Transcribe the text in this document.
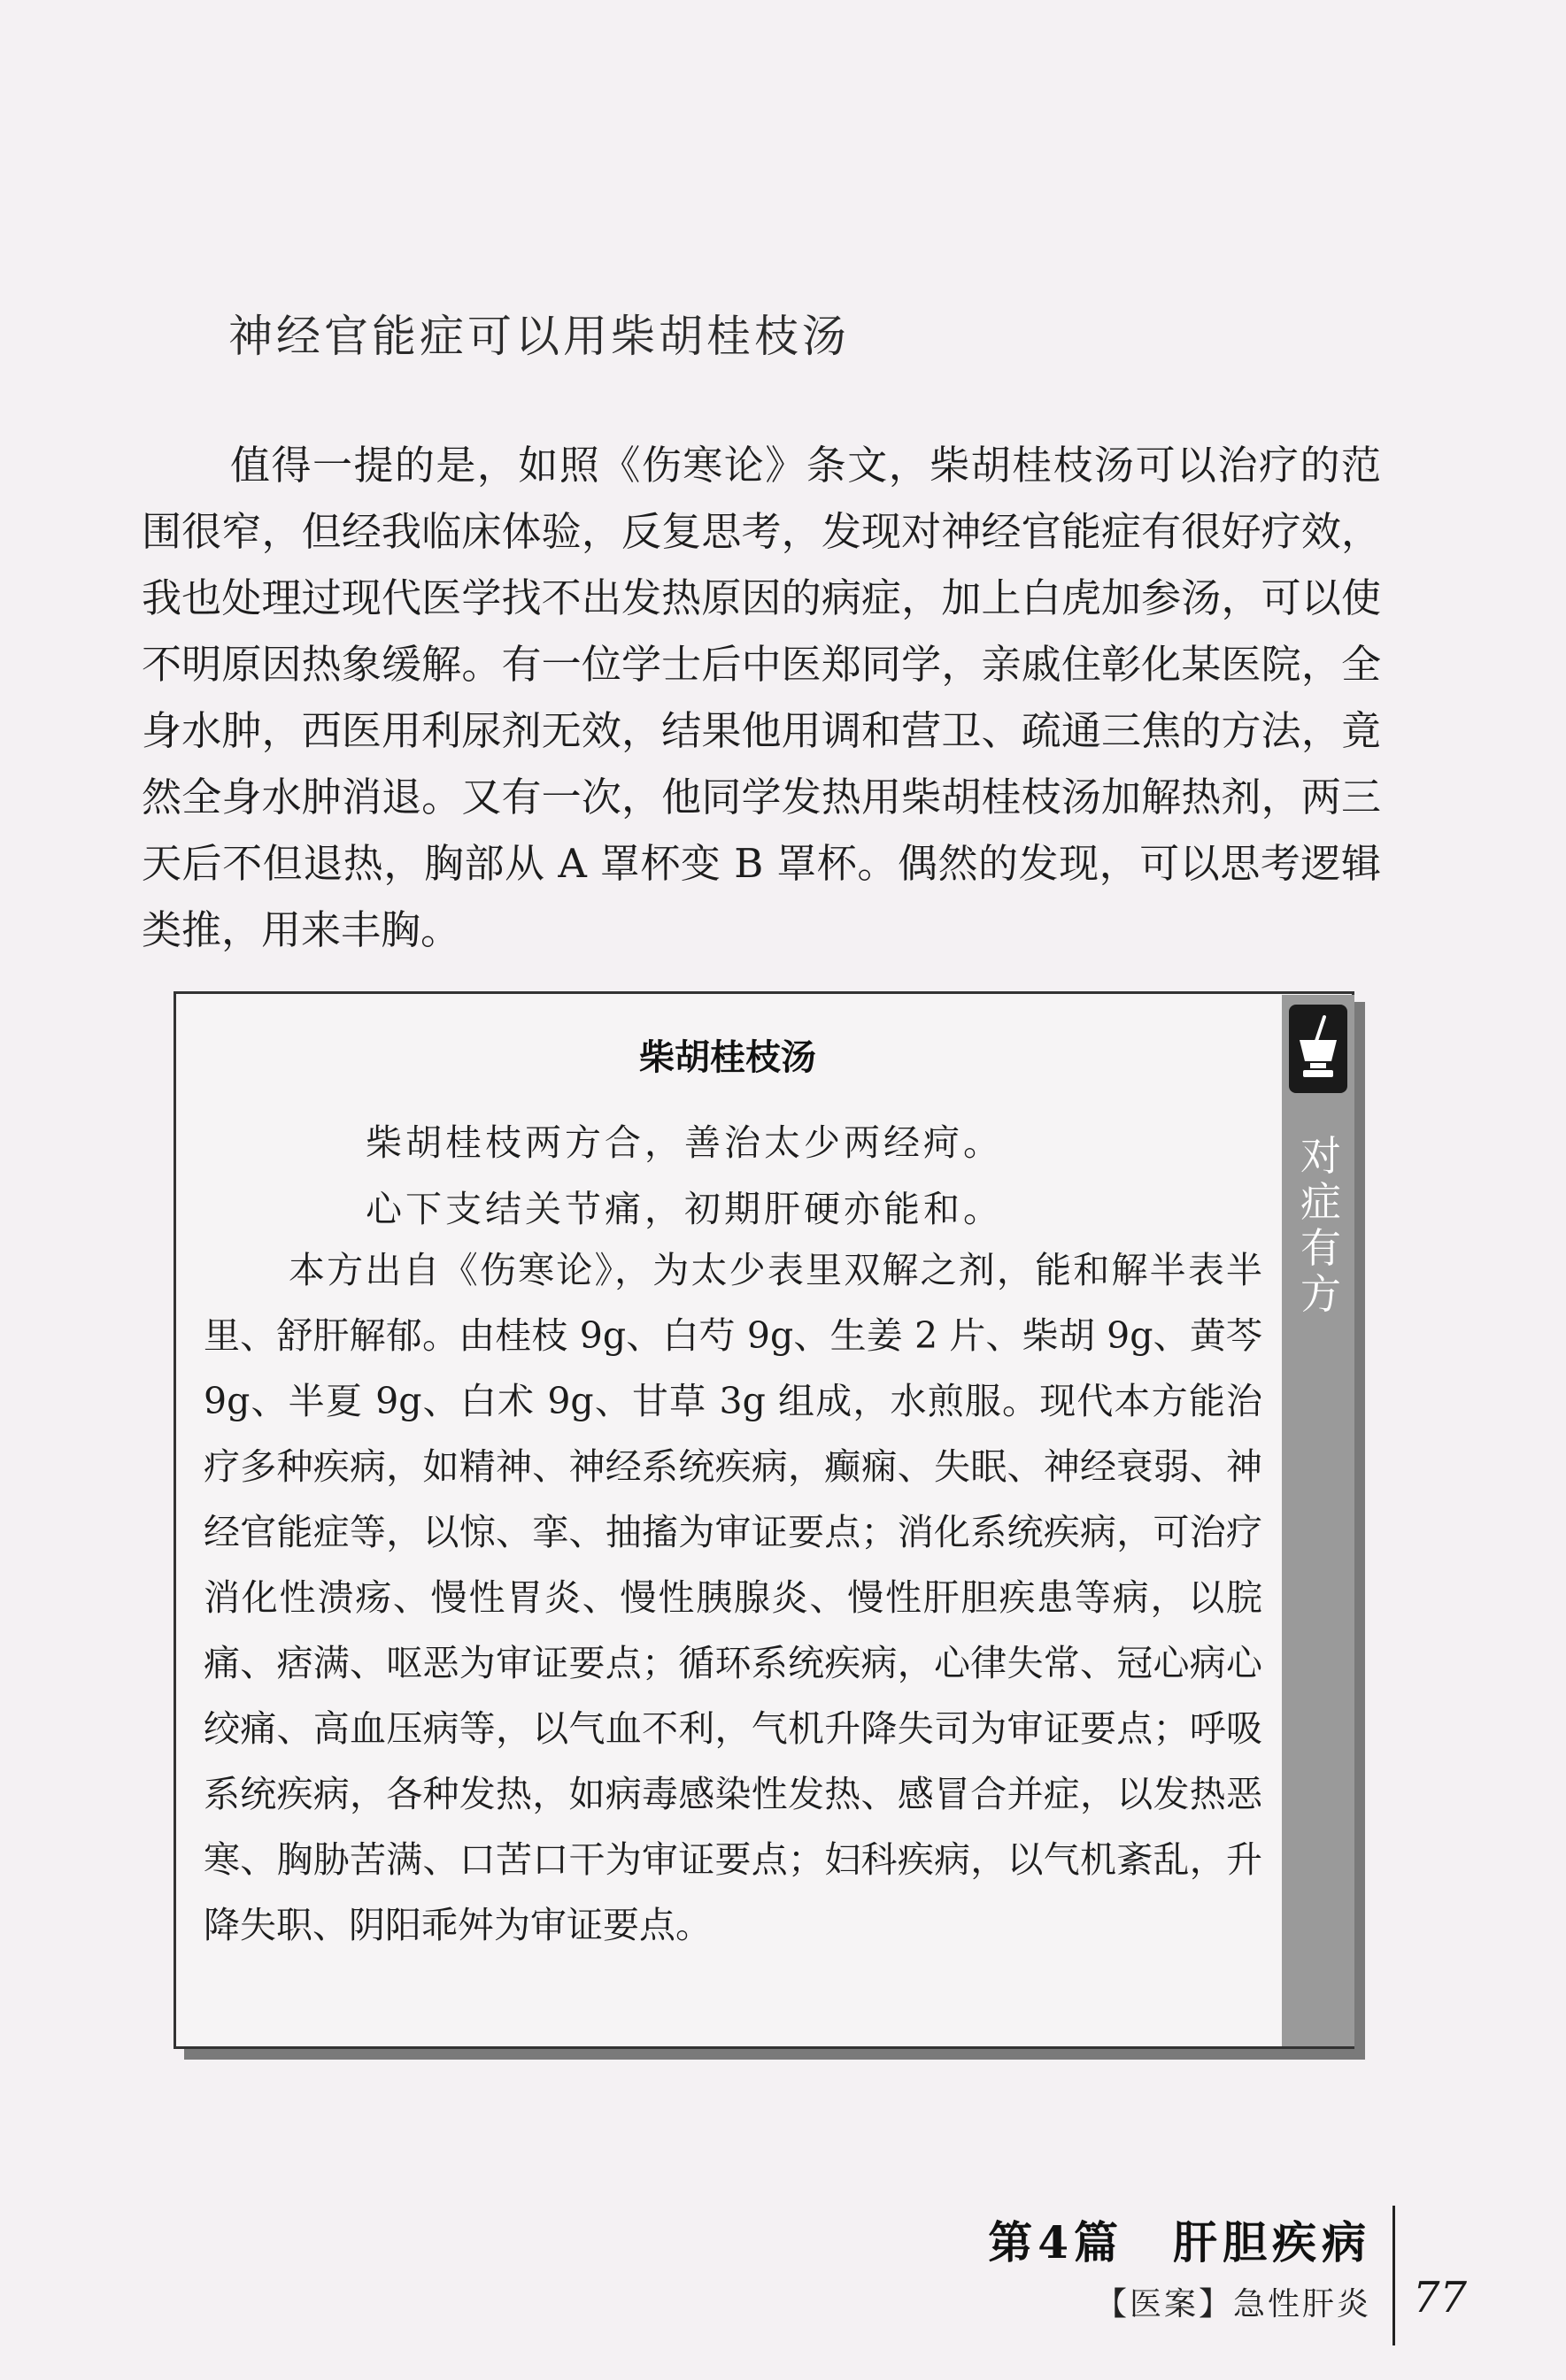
神经官能症可以用柴胡桂枝汤

值得一提的是，如照《伤寒论》条文，柴胡桂枝汤可以治疗的范围很窄，但经我临床体验，反复思考，发现对神经官能症有很好疗效，我也处理过现代医学找不出发热原因的病症，加上白虎加参汤，可以使不明原因热象缓解。有一位学士后中医郑同学，亲戚住彰化某医院，全身水肿，西医用利尿剂无效，结果他用调和营卫、疏通三焦的方法，竟然全身水肿消退。又有一次，他同学发热用柴胡桂枝汤加解热剂，两三天后不但退热，胸部从 A 罩杯变 B 罩杯。偶然的发现，可以思考逻辑类推，用来丰胸。

对症有方
柴胡桂枝汤
柴胡桂枝两方合，善治太少两经疴。
心下支结关节痛，初期肝硬亦能和。

本方出自《伤寒论》，为太少表里双解之剂，能和解半表半里、舒肝解郁。由桂枝 9g、白芍 9g、生姜 2 片、柴胡 9g、黄芩 9g、半夏 9g、白术 9g、甘草 3g 组成，水煎服。现代本方能治疗多种疾病，如精神、神经系统疾病，癫痫、失眠、神经衰弱、神经官能症等，以惊、挛、抽搐为审证要点；消化系统疾病，可治疗消化性溃疡、慢性胃炎、慢性胰腺炎、慢性肝胆疾患等病，以脘痛、痞满、呕恶为审证要点；循环系统疾病，心律失常、冠心病心绞痛、高血压病等，以气血不利，气机升降失司为审证要点；呼吸系统疾病，各种发热，如病毒感染性发热、感冒合并症，以发热恶寒、胸胁苦满、口苦口干为审证要点；妇科疾病，以气机紊乱，升降失职、阴阳乖舛为审证要点。

第4篇　肝胆疾病
【医案】急性肝炎 77
